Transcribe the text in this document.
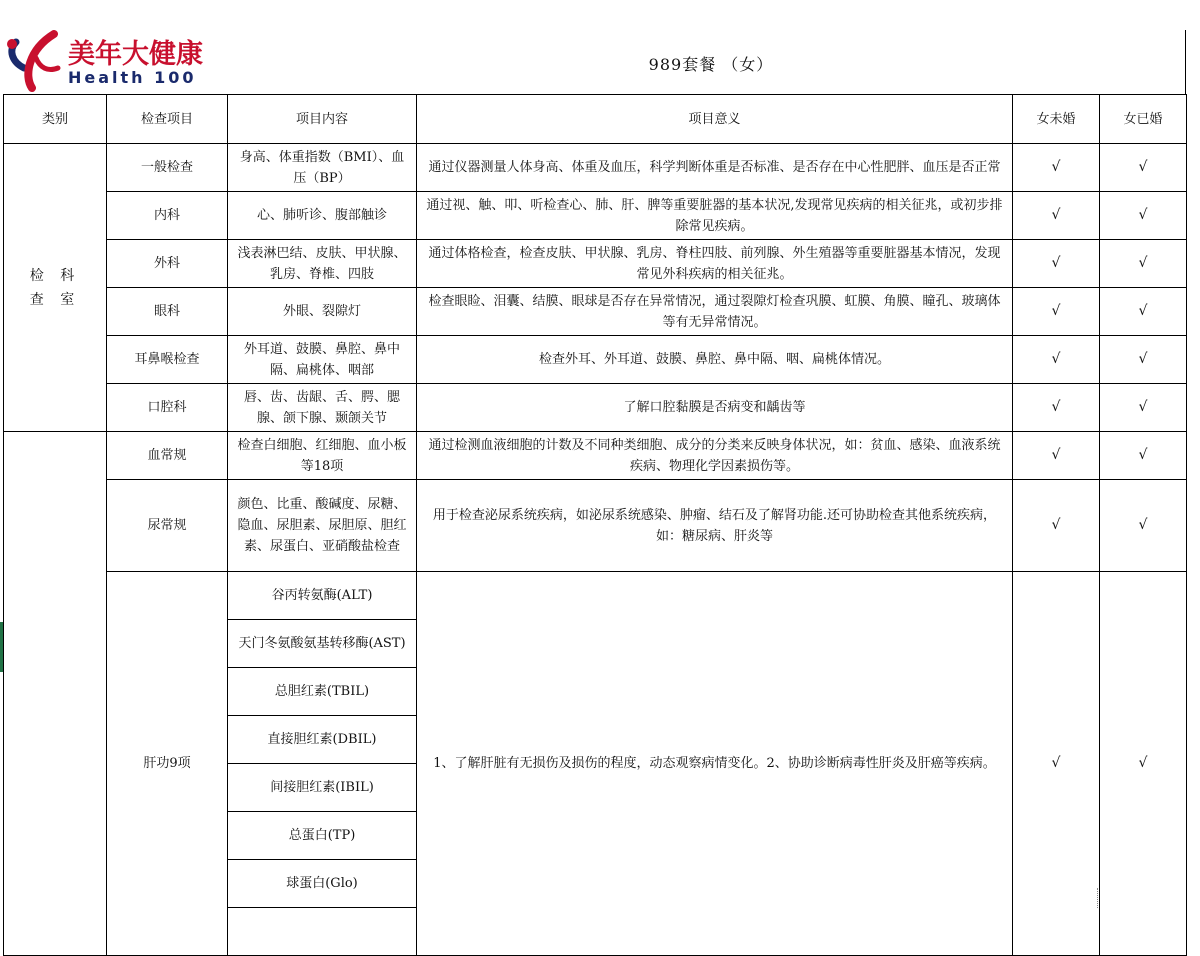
美年大健康
Health 100
989套餐 （女）
类别	检查项目	项目内容	项目意义	女未婚	女已婚

检 科
查 室	一般检查	身高、体重指数（BMI）、血压（BP）	通过仪器测量人体身高、体重及血压，科学判断体重是否标准、是否存在中心性肥胖、血压是否正常	√	√
	内科	心、肺听诊、腹部触诊	通过视、触、叩、听检查心、肺、肝、脾等重要脏器的基本状况,发现常见疾病的相关征兆，或初步排除常见疾病。	√	√
	外科	浅表淋巴结、皮肤、甲状腺、乳房、脊椎、四肢	通过体格检查，检查皮肤、甲状腺、乳房、脊柱四肢、前列腺、外生殖器等重要脏器基本情况，发现常见外科疾病的相关征兆。	√	√
	眼科	外眼、裂隙灯	检查眼睑、泪囊、结膜、眼球是否存在异常情况，通过裂隙灯检查巩膜、虹膜、角膜、瞳孔、玻璃体等有无异常情况。	√	√
	耳鼻喉检查	外耳道、鼓膜、鼻腔、鼻中隔、扁桃体、咽部	检查外耳、外耳道、鼓膜、鼻腔、鼻中隔、咽、扁桃体情况。	√	√
	口腔科	唇、齿、齿龈、舌、腭、腮腺、颌下腺、颞颌关节	了解口腔黏膜是否病变和龋齿等	√	√
	血常规	检查白细胞、红细胞、血小板等18项	通过检测血液细胞的计数及不同种类细胞、成分的分类来反映身体状况，如：贫血、感染、血液系统疾病、物理化学因素损伤等。	√	√
	尿常规	颜色、比重、酸碱度、尿糖、隐血、尿胆素、尿胆原、胆红素、尿蛋白、亚硝酸盐检查	用于检查泌尿系统疾病，如泌尿系统感染、肿瘤、结石及了解肾功能.还可协助检查其他系统疾病，如：糖尿病、肝炎等	√	√
	肝功9项	谷丙转氨酶(ALT)	1、了解肝脏有无损伤及损伤的程度，动态观察病情变化。2、协助诊断病毒性肝炎及肝癌等疾病。	√	√
		天门冬氨酸氨基转移酶(AST)			
		总胆红素(TBIL)			
		直接胆红素(DBIL)			
		间接胆红素(IBIL)			
		总蛋白(TP)			
		球蛋白(Glo)			
